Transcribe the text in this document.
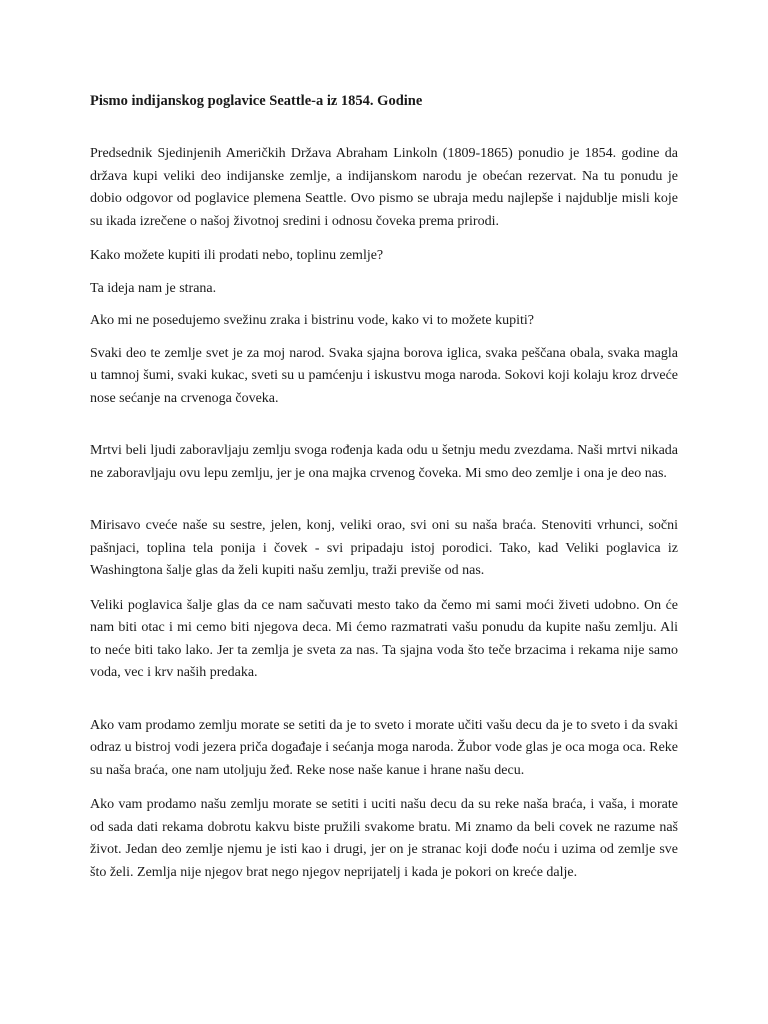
Pismo indijanskog poglavice Seattle-a iz 1854. Godine

Predsednik Sjedinjenih Američkih Država Abraham Linkoln (1809-1865) ponudio je 1854. godine da država kupi veliki deo indijanske zemlje, a indijanskom narodu je obećan rezervat. Na tu ponudu je dobio odgovor od poglavice plemena Seattle. Ovo pismo se ubraja medu najlepše i najdublje misli koje su ikada izrečene o našoj životnoj sredini i odnosu čoveka prema prirodi.

Kako možete kupiti ili prodati nebo, toplinu zemlje?

Ta ideja nam je strana.

Ako mi ne posedujemo svežinu zraka i bistrinu vode, kako vi to možete kupiti?

Svaki deo te zemlje svet je za moj narod. Svaka sjajna borova iglica, svaka peščana obala, svaka magla u tamnoj šumi, svaki kukac, sveti su u pamćenju i iskustvu moga naroda. Sokovi koji kolaju kroz drveće nose sećanje na crvenoga čoveka.

Mrtvi beli ljudi zaboravljaju zemlju svoga rođenja kada odu u šetnju medu zvezdama. Naši mrtvi nikada ne zaboravljaju ovu lepu zemlju, jer je ona majka crvenog čoveka. Mi smo deo zemlje i ona je deo nas.

Mirisavo cveće naše su sestre, jelen, konj, veliki orao, svi oni su naša braća. Stenoviti vrhunci, sočni pašnjaci, toplina tela ponija i čovek - svi pripadaju istoj porodici. Tako, kad Veliki poglavica iz Washingtona šalje glas da želi kupiti našu zemlju, traži previše od nas.

Veliki poglavica šalje glas da ce nam sačuvati mesto tako da čemo mi sami moći živeti udobno. On će nam biti otac i mi cemo biti njegova deca. Mi ćemo razmatrati vašu ponudu da kupite našu zemlju. Ali to neće biti tako lako. Jer ta zemlja je sveta za nas. Ta sjajna voda što teče brzacima i rekama nije samo voda, vec i krv naših predaka.

Ako vam prodamo zemlju morate se setiti da je to sveto i morate učiti vašu decu da je to sveto i da svaki odraz u bistroj vodi jezera priča događaje i sećanja moga naroda. Žubor vode glas je oca moga oca. Reke su naša braća, one nam utoljuju žeđ. Reke nose naše kanue i hrane našu decu.

Ako vam prodamo našu zemlju morate se setiti i uciti našu decu da su reke naša braća, i vaša, i morate od sada dati rekama dobrotu kakvu biste pružili svakome bratu. Mi znamo da beli covek ne razume naš život. Jedan deo zemlje njemu je isti kao i drugi, jer on je stranac koji dođe noću i uzima od zemlje sve što želi. Zemlja nije njegov brat nego njegov neprijatelj i kada je pokori on kreće dalje.
